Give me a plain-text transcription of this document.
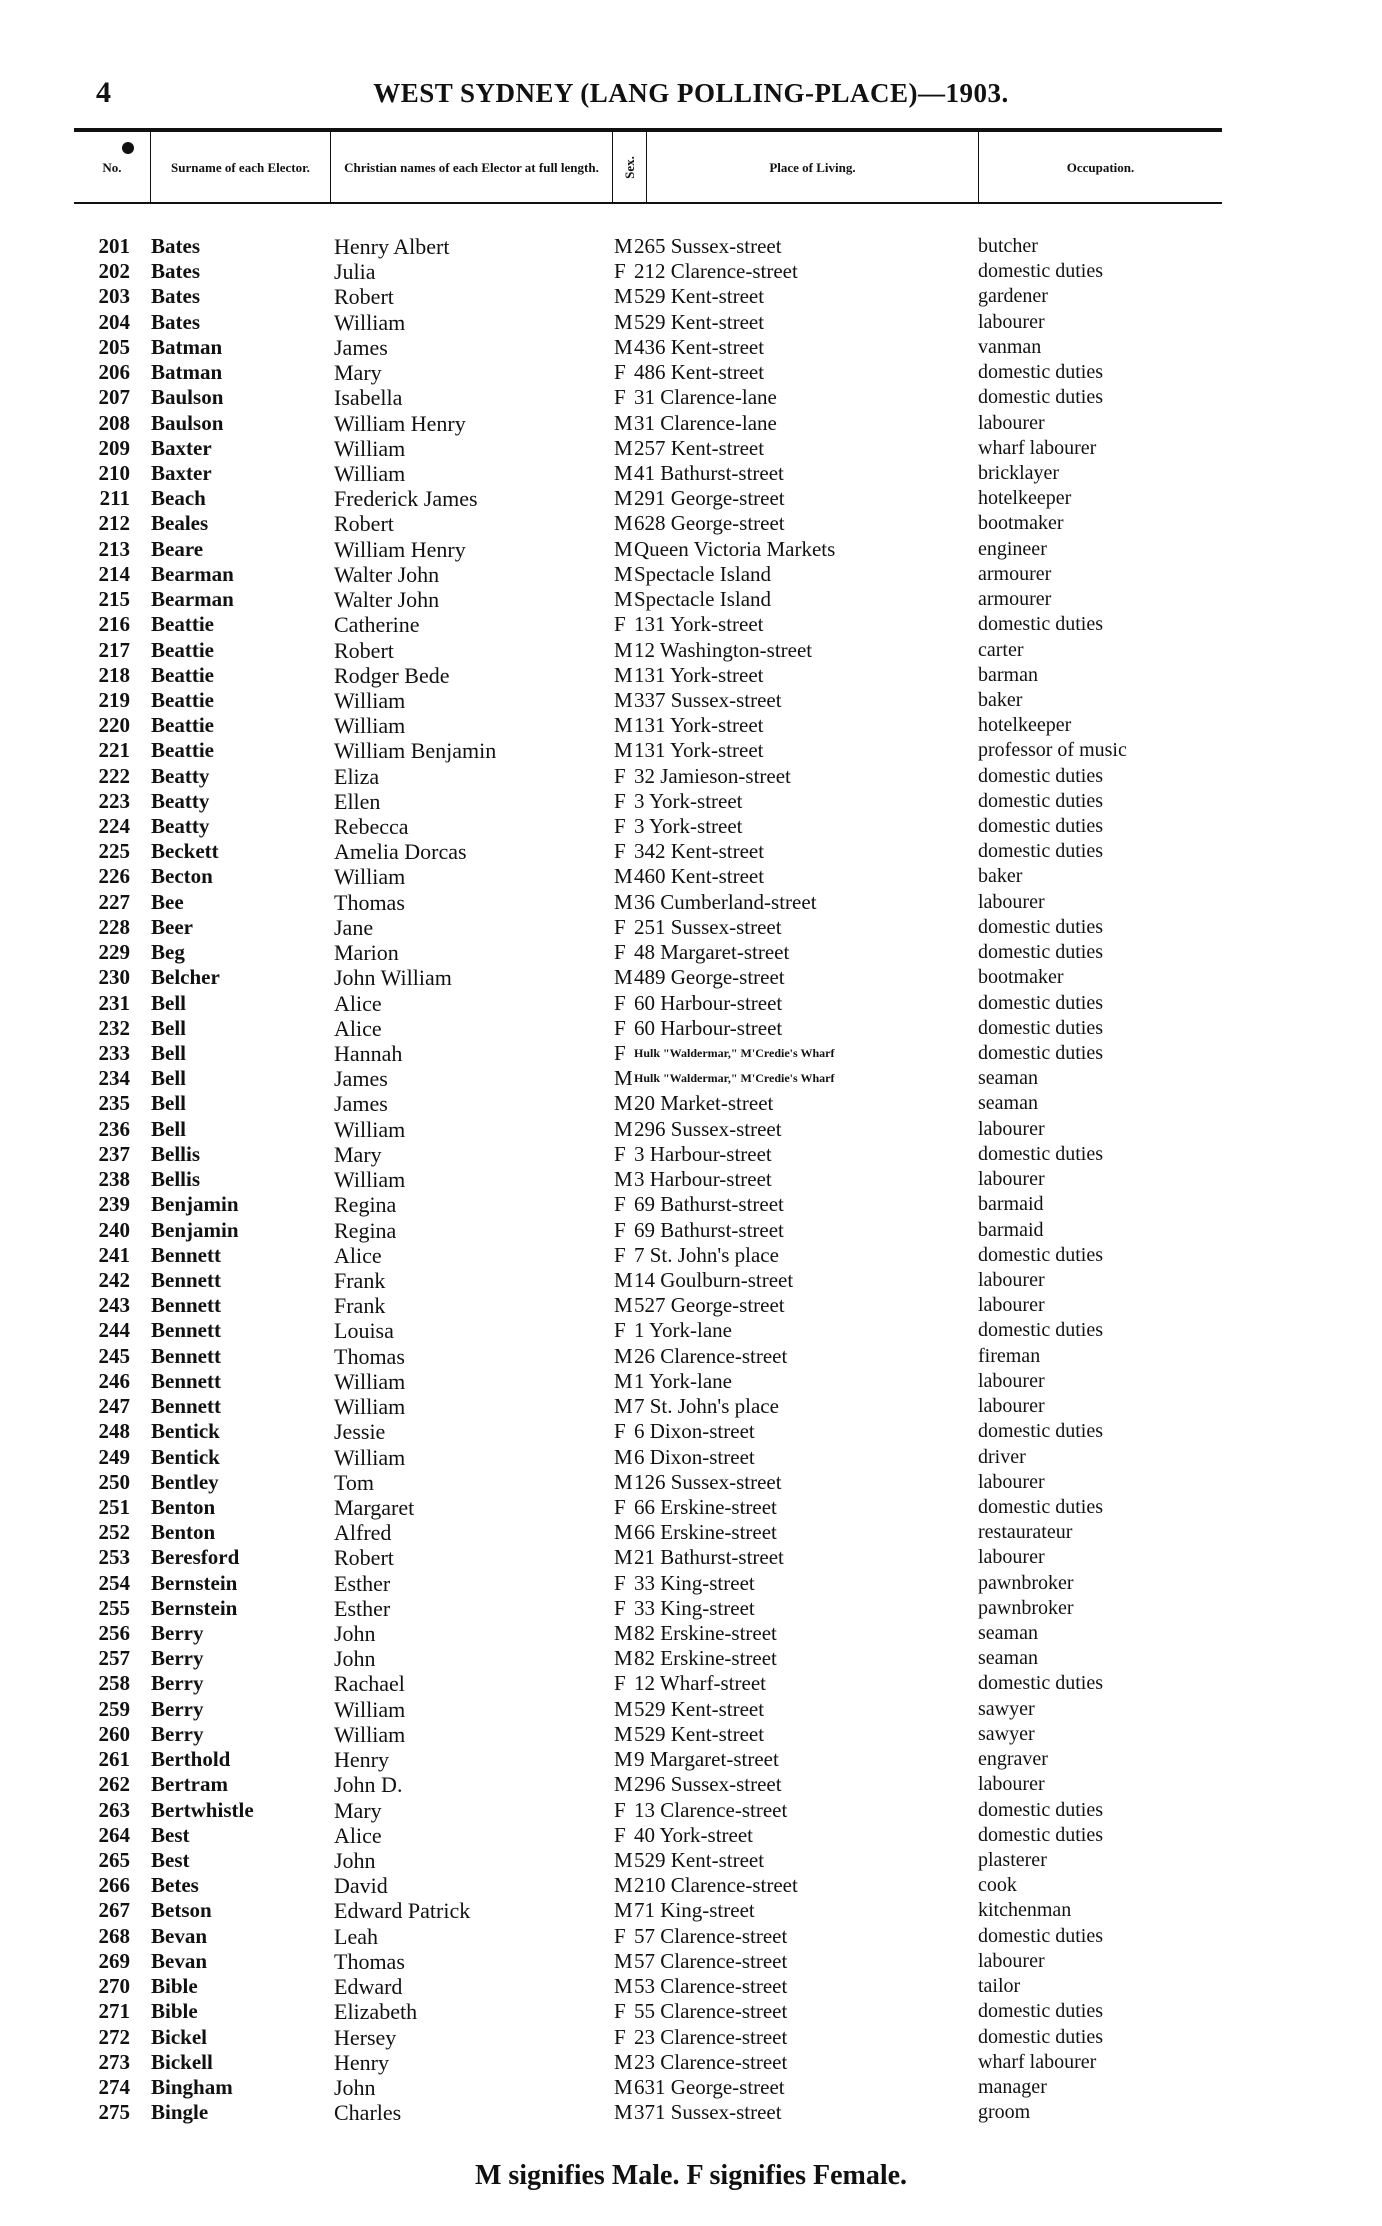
4	WEST SYDNEY (LANG POLLING-PLACE)—1903.
No.	Surname of each Elector.	Christian names of each Elector at full length.	Sex.	Place of Living.	Occupation.
201 Bates	Henry Albert	M 265 Sussex-street	butcher
202 Bates	Julia	F 212 Clarence-street	domestic duties
203 Bates	Robert	M 529 Kent-street	gardener
204 Bates	William	M 529 Kent-street	labourer
205 Batman	James	M 436 Kent-street	vanman
206 Batman	Mary	F 486 Kent-street	domestic duties
207 Baulson	Isabella	F 31 Clarence-lane	domestic duties
208 Baulson	William Henry	M 31 Clarence-lane	labourer
209 Baxter	William	M 257 Kent-street	wharf labourer
210 Baxter	William	M 41 Bathurst-street	bricklayer
211 Beach	Frederick James	M 291 George-street	hotelkeeper
212 Beales	Robert	M 628 George-street	bootmaker
213 Beare	William Henry	M Queen Victoria Markets	engineer
214 Bearman	Walter John	M Spectacle Island	armourer
215 Bearman	Walter John	M Spectacle Island	armourer
216 Beattie	Catherine	F 131 York-street	domestic duties
217 Beattie	Robert	M 12 Washington-street	carter
218 Beattie	Rodger Bede	M 131 York-street	barman
219 Beattie	William	M 337 Sussex-street	baker
220 Beattie	William	M 131 York-street	hotelkeeper
221 Beattie	William Benjamin	M 131 York-street	professor of music
222 Beatty	Eliza	F 32 Jamieson-street	domestic duties
223 Beatty	Ellen	F 3 York-street	domestic duties
224 Beatty	Rebecca	F 3 York-street	domestic duties
225 Beckett	Amelia Dorcas	F 342 Kent-street	domestic duties
226 Becton	William	M 460 Kent-street	baker
227 Bee	Thomas	M 36 Cumberland-street	labourer
228 Beer	Jane	F 251 Sussex-street	domestic duties
229 Beg	Marion	F 48 Margaret-street	domestic duties
230 Belcher	John William	M 489 George-street	bootmaker
231 Bell	Alice	F 60 Harbour-street	domestic duties
232 Bell	Alice	F 60 Harbour-street	domestic duties
233 Bell	Hannah	F Hulk "Waldermar," M'Credie's Wharf	domestic duties
234 Bell	James	M Hulk "Waldermar," M'Credie's Wharf	seaman
235 Bell	James	M 20 Market-street	seaman
236 Bell	William	M 296 Sussex-street	labourer
237 Bellis	Mary	F 3 Harbour-street	domestic duties
238 Bellis	William	M 3 Harbour-street	labourer
239 Benjamin	Regina	F 69 Bathurst-street	barmaid
240 Benjamin	Regina	F 69 Bathurst-street	barmaid
241 Bennett	Alice	F 7 St. John's place	domestic duties
242 Bennett	Frank	M 14 Goulburn-street	labourer
243 Bennett	Frank	M 527 George-street	labourer
244 Bennett	Louisa	F 1 York-lane	domestic duties
245 Bennett	Thomas	M 26 Clarence-street	fireman
246 Bennett	William	M 1 York-lane	labourer
247 Bennett	William	M 7 St. John's place	labourer
248 Bentick	Jessie	F 6 Dixon-street	domestic duties
249 Bentick	William	M 6 Dixon-street	driver
250 Bentley	Tom	M 126 Sussex-street	labourer
251 Benton	Margaret	F 66 Erskine-street	domestic duties
252 Benton	Alfred	M 66 Erskine-street	restaurateur
253 Beresford	Robert	M 21 Bathurst-street	labourer
254 Bernstein	Esther	F 33 King-street	pawnbroker
255 Bernstein	Esther	F 33 King-street	pawnbroker
256 Berry	John	M 82 Erskine-street	seaman
257 Berry	John	M 82 Erskine-street	seaman
258 Berry	Rachael	F 12 Wharf-street	domestic duties
259 Berry	William	M 529 Kent-street	sawyer
260 Berry	William	M 529 Kent-street	sawyer
261 Berthold	Henry	M 9 Margaret-street	engraver
262 Bertram	John D.	M 296 Sussex-street	labourer
263 Bertwhistle	Mary	F 13 Clarence-street	domestic duties
264 Best	Alice	F 40 York-street	domestic duties
265 Best	John	M 529 Kent-street	plasterer
266 Betes	David	M 210 Clarence-street	cook
267 Betson	Edward Patrick	M 71 King-street	kitchenman
268 Bevan	Leah	F 57 Clarence-street	domestic duties
269 Bevan	Thomas	M 57 Clarence-street	labourer
270 Bible	Edward	M 53 Clarence-street	tailor
271 Bible	Elizabeth	F 55 Clarence-street	domestic duties
272 Bickel	Hersey	F 23 Clarence-street	domestic duties
273 Bickell	Henry	M 23 Clarence-street	wharf labourer
274 Bingham	John	M 631 George-street	manager
275 Bingle	Charles	M 371 Sussex-street	groom
M signifies Male. F signifies Female.
